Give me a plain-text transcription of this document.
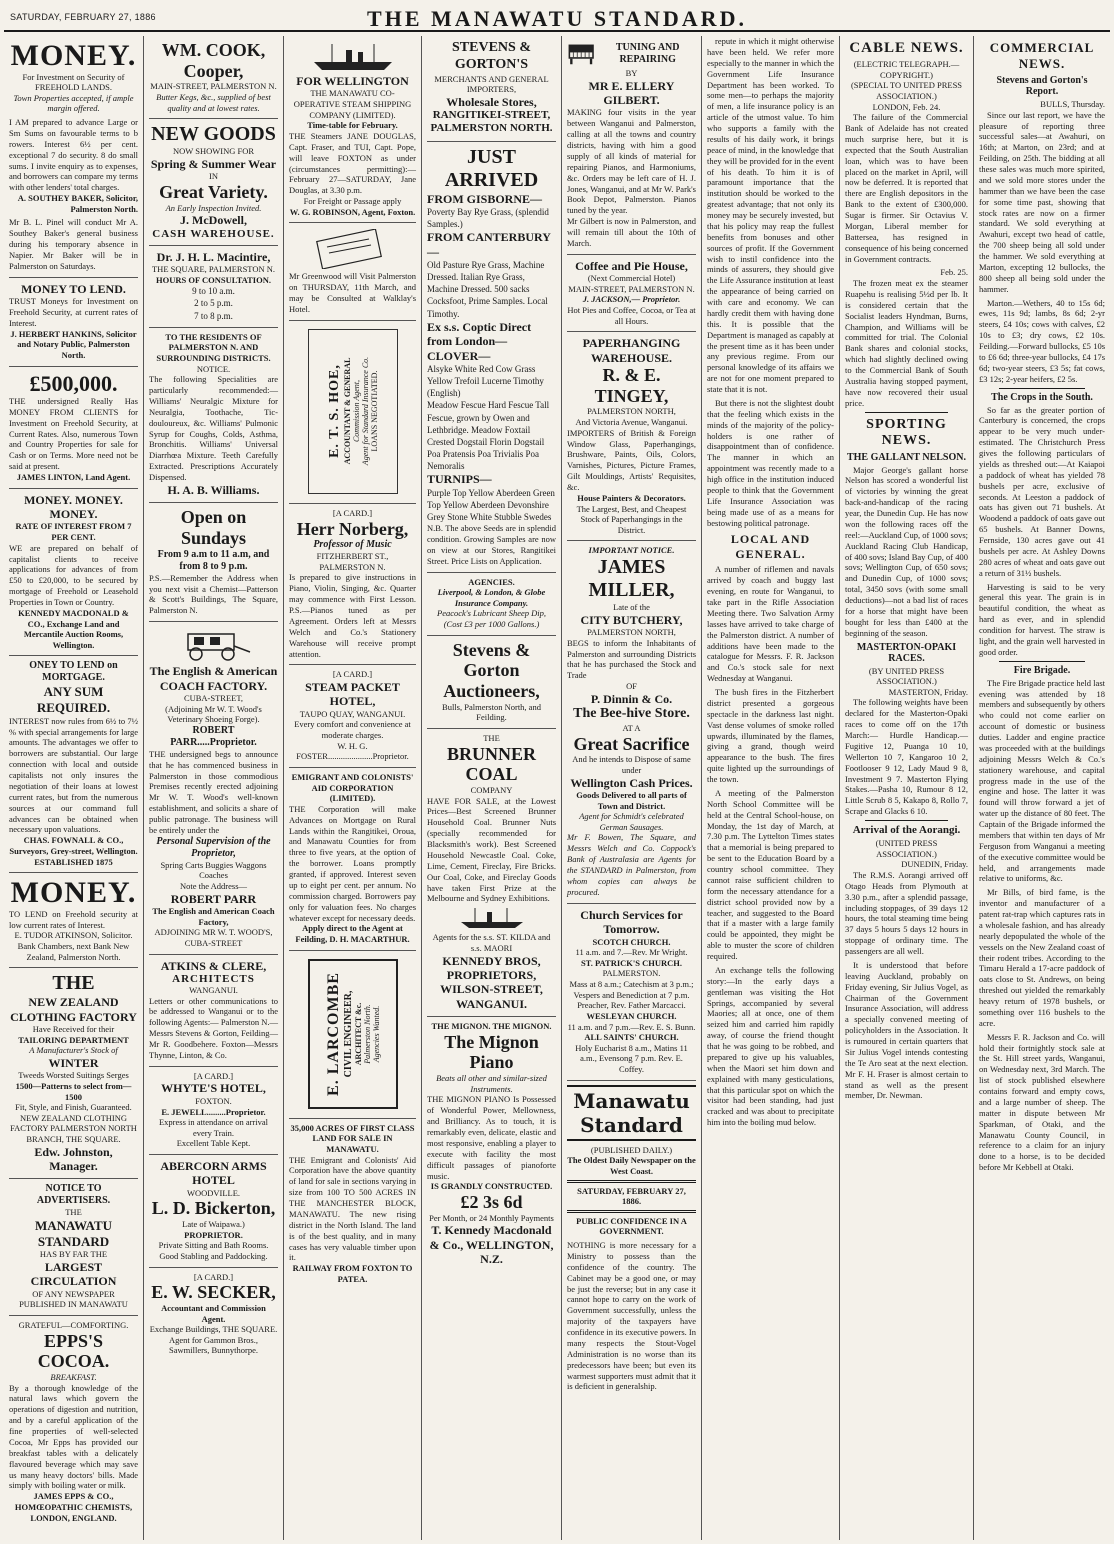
SATURDAY, FEBRUARY 27, 1886	THE MANAWATU STANDARD.
MONEY.
For Investment on Security of FREEHOLD LANDS.
Town Properties accepted, if ample margin offered.
I AM prepared to advance Large or Sm Sums on favourable terms to b rowers. Interest 6½ per cent. exceptional 7 do security. 8 do small sums. I invite enquiry as to expenses, and borrowers can compare my terms with other lenders' total charges.
A. SOUTHEY BAKER, Solicitor, Palmerston North.
Mr B. L. Pinel will conduct Mr A. Southey Baker's general business during his temporary absence in Napier. Mr Baker will be in Palmerston on Saturdays.
MONEY TO LEND.
TRUST Moneys for Investment on Freehold Security, at current rates of Interest.
J. HERBERT HANKINS, Solicitor and Notary Public, Palmerston North.
£500,000.
THE undersigned Really Has MONEY FROM CLIENTS for Investment on Freehold Security, at Current Rates. Also, numerous Town and Country Properties for sale for Cash or on Terms. More need not be said at present.
JAMES LINTON, Land Agent.
MONEY. MONEY. MONEY.
RATE OF INTEREST FROM 7 PER CENT.
WE are prepared on behalf of capitalist clients to receive applications for advances of from £50 to £20,000, to be secured by mortgage of Freehold or Leasehold Properties in Town or Country.
KENNEDY MACDONALD & CO., Exchange Land and Mercantile Auction Rooms, Wellington.
ONEY TO LEND on MORTGAGE.
ANY SUM REQUIRED.
INTEREST now rules from 6½ to 7½ % with special arrangements for large amounts. The advantages we offer to borrowers are substantial. Our large connection with local and outside capitalists not only insures the negotiation of their loans at lowest current rates, but from the numerous sources at our command full advances can be obtained when necessary upon valuations.
CHAS. FOWNALL & CO., Surveyors, Grey-street, Wellington. ESTABLISHED 1875
MONEY.
TO LEND on Freehold security at low current rates of Interest.
E. TUDOR ATKINSON, Solicitor. Bank Chambers, next Bank New Zealand, Palmerston North.
THE
NEW ZEALAND CLOTHING FACTORY
Have Received for their
TAILORING DEPARTMENT
A Manufacturer's Stock of
WINTER
Tweeds Worsted Suitings Serges
1500—Patterns to select from—1500
Fit, Style, and Finish, Guaranteed.
NEW ZEALAND CLOTHING FACTORY PALMERSTON NORTH BRANCH, THE SQUARE.
Edw. Johnston, Manager.
NOTICE TO ADVERTISERS.
THE
MANAWATU STANDARD
HAS BY FAR THE
LARGEST CIRCULATION
OF ANY NEWSPAPER PUBLISHED IN MANAWATU
GRATEFUL—COMFORTING.
EPPS'S COCOA.
BREAKFAST.
By a thorough knowledge of the natural laws which govern the operations of digestion and nutrition, and by a careful application of the fine properties of well-selected Cocoa, Mr Epps has provided our breakfast tables with a delicately flavoured beverage which may save us many heavy doctors' bills. Made simply with boiling water or milk.
JAMES EPPS & CO., HOMŒOPATHIC CHEMISTS, LONDON, ENGLAND.
WM. COOK, Cooper,
MAIN-STREET, PALMERSTON N.
Butter Kegs, &c., supplied of best quality and at lowest rates.
NEW GOODS
NOW SHOWING FOR
Spring & Summer Wear
IN
Great Variety.
An Early Inspection Invited.
J. McDowell,
CASH WAREHOUSE.
Dr. J. H. L. Macintire,
THE SQUARE, PALMERSTON N.
HOURS OF CONSULTATION.
9 to 10 a.m.
2 to 5 p.m.
7 to 8 p.m.
TO THE RESIDENTS OF PALMERSTON N. AND SURROUNDING DISTRICTS.
NOTICE.
The following Specialities are particularly recommended:— Williams' Neuralgic Mixture for Neuralgia, Toothache, Tic-douloureux, &c. Williams' Pulmonic Syrup for Coughs, Colds, Asthma, Bronchitis. Williams' Universal Diarrhœa Mixture. Teeth Carefully Extracted. Prescriptions Accurately Dispensed.
H. A. B. Williams.
Open on Sundays
From 9 a.m to 11 a.m, and from 8 to 9 p.m.
P.S.—Remember the Address when you next visit a Chemist—Patterson & Scott's Buildings, The Square, Palmerston N.
The English & American COACH FACTORY.
CUBA-STREET,
(Adjoining Mr W. T. Wood's Veterinary Shoeing Forge).
ROBERT PARR.....Proprietor.
THE undersigned begs to announce that he has commenced business in Palmerston in those commodious Premises recently erected adjoining Mr W. T. Wood's well-known establishment, and solicits a share of public patronage. The business will be entirely under the
Personal Supervision of the Proprietor,
Spring Carts Buggies Waggons Coaches
Note the Address—
ROBERT PARR
The English and American Coach Factory,
ADJOINING MR W. T. WOOD'S, CUBA-STREET
ATKINS & CLERE,
ARCHITECTS
WANGANUI.
Letters or other communications to be addressed to Wanganui or to the following Agents:— Palmerston N.—Messrs Stevens & Gorton, Feilding—Mr R. Goodbehere. Foxton—Messrs Thynne, Linton, & Co.
[A CARD.]
WHYTE'S HOTEL,
FOXTON.
E. JEWELL.........Proprietor.
Express in attendance on arrival every Train.
Excellent Table Kept.
ABERCORN ARMS HOTEL
WOODVILLE.
L. D. Bickerton,
Late of Waipawa.)
PROPRIETOR.
Private Sitting and Bath Rooms. Good Stabling and Paddocking.
[A CARD.]
E. W. SECKER,
Accountant and Commission Agent.
Exchange Buildings, THE SQUARE.
Agent for Gammon Bros., Sawmillers, Bunnythorpe.
FOR WELLINGTON
THE MANAWATU CO-OPERATIVE STEAM SHIPPING COMPANY (LIMITED).
Time-table for February.
THE Steamers JANE DOUGLAS, Capt. Fraser, and TUI, Capt. Pope, will leave FOXTON as under (circumstances permitting):— February 27—SATURDAY, Jane Douglas, at 3.30 p.m.
For Freight or Passage apply
W. G. ROBINSON, Agent, Foxton.
Mr Greenwood will Visit Palmerston on THURSDAY, 11th March, and may be Consulted at Walklay's Hotel.
E. T. S. HOE, ACCOUNTANT & GENERAL Commission Agent, Agent for Standard Insurance Co. LOANS NEGOTIATED.
[A CARD.]
Herr Norberg,
Professor of Music
FITZHERBERT ST., PALMERSTON N.
Is prepared to give instructions in Piano, Violin, Singing, &c. Quarter may commence with First Lesson. P.S.—Pianos tuned as per Agreement. Orders left at Messrs Welch and Co.'s Stationery Warehouse will receive prompt attention.
[A CARD.]
STEAM PACKET HOTEL,
TAUPO QUAY, WANGANUI.
Every comfort and convenience at moderate charges.
W. H. G. FOSTER.....................Proprietor.
EMIGRANT AND COLONISTS' AID CORPORATION (LIMITED).
THE Corporation will make Advances on Mortgage on Rural Lands within the Rangitikei, Oroua, and Manawatu Counties for from three to five years, at the option of the borrower. Loans promptly granted, if approved. Interest seven up to eight per cent. per annum. No commission charged. Borrowers pay only for valuation fees. No charges whatever except for necessary deeds.
Apply direct to the Agent at Feilding, D. H. MACARTHUR.
E. LARCOMBE CIVIL ENGINEER, ARCHITECT &c. Palmerston North. Agencies Wanted.
35,000 ACRES OF FIRST CLASS LAND FOR SALE IN MANAWATU.
THE Emigrant and Colonists' Aid Corporation have the above quantity of land for sale in sections varying in size from 100 TO 500 ACRES IN THE MANCHESTER BLOCK, MANAWATU. The new rising district in the North Island. The land is of the best quality, and in many cases has very valuable timber upon it.
RAILWAY FROM FOXTON TO PATEA.
STEVENS & GORTON'S
MERCHANTS AND GENERAL IMPORTERS,
Wholesale Stores,
RANGITIKEI-STREET, PALMERSTON NORTH.
JUST ARRIVED
FROM GISBORNE—
Poverty Bay Rye Grass, (splendid Samples.)
FROM CANTERBURY—
Old Pasture Rye Grass, Machine Dressed. Italian Rye Grass, Machine Dressed. 500 sacks Cocksfoot, Prime Samples. Local Timothy.
Ex s.s. Coptic Direct from London—
CLOVER—
Alsyke White Red Cow Grass Yellow Trefoil Lucerne Timothy (English)
Meadow Fescue Hard Fescue Tall Fescue, grown by Owen and Lethbridge. Meadow Foxtail Crested Dogstail Florin Dogstail Poa Pratensis Poa Trivialis Poa Nemoralis
TURNIPS—
Purple Top Yellow Aberdeen Green Top Yellow Aberdeen Devonshire Grey Stone White Stubble Swedes
N.B. The above Seeds are in splendid condition. Growing Samples are now on view at our Stores, Rangitikei Street. Price Lists on Application.
AGENCIES.
Liverpool, & London, & Globe Insurance Company.
Peacock's Lubricant Sheep Dip, (Cost £3 per 1000 Gallons.)
Stevens & Gorton Auctioneers,
Bulls, Palmerston North, and Feilding.
THE
BRUNNER COAL
COMPANY
HAVE FOR SALE, at the Lowest Prices—Best Screened Brunner Household Coal. Brunner Nuts (specially recommended for Blacksmith's work). Best Screened Household Newcastle Coal. Coke, Lime, Cement, Fireclay, Fire Bricks. Our Coal, Coke, and Fireclay Goods have taken First Prize at the Melbourne and Sydney Exhibitions.
Agents for the s.s. ST. KILDA and s.s. MAORI
KENNEDY BROS, PROPRIETORS, WILSON-STREET, WANGANUI.
THE MIGNON. THE MIGNON.
The Mignon Piano
Beats all other and similar-sized Instruments.
THE MIGNON PIANO Is Possessed of Wonderful Power, Mellowness, and Brilliancy. As to touch, it is remarkably even, delicate, elastic and most responsive, enabling a player to execute with facility the most difficult passages of pianoforte music.
IS GRANDLY CONSTRUCTED.
£2 3s 6d
Per Month, or 24 Monthly Payments
T. Kennedy Macdonald & Co., WELLINGTON, N.Z.
TUNING AND REPAIRING
BY
MR E. ELLERY GILBERT.
MAKING four visits in the year between Wanganui and Palmerston, calling at all the towns and country districts, having with him a good supply of all kinds of material for repairing Pianos, and Harmoniums, &c. Orders may be left care of H. J. Jones, Wanganui, and at Mr W. Park's Book Depot, Palmerston. Pianos tuned by the year.
Mr Gilbert is now in Palmerston, and will remain till about the 10th of March.
Coffee and Pie House,
(Next Commercial Hotel)
MAIN-STREET, PALMERSTON N.
J. JACKSON,— Proprietor.
Hot Pies and Coffee, Cocoa, or Tea at all Hours.
PAPERHANGING WAREHOUSE.
R. & E. TINGEY,
PALMERSTON NORTH,
And Victoria Avenue, Wanganui.
IMPORTERS of British & Foreign Window Glass, Paperhangings, Brushware, Paints, Oils, Colors, Varnishes, Pictures, Picture Frames, Gilt Mouldings, Artists' Requisites, &c.
House Painters & Decorators.
The Largest, Best, and Cheapest Stock of Paperhangings in the District.
IMPORTANT NOTICE.
JAMES MILLER,
Late of the
CITY BUTCHERY,
PALMERSTON NORTH,
BEGS to inform the Inhabitants of Palmerston and surrounding Districts that he has purchased the Stock and Trade
OF
P. Dinnin & Co.
The Bee-hive Store.
AT A
Great Sacrifice
And he intends to Dispose of same under
Wellington Cash Prices.
Goods Delivered to all parts of Town and District.
Agent for Schmidt's celebrated German Sausages.
Mr F. Bowen, The Square, and Messrs Welch and Co. Coppock's Bank of Australasia are Agents for the STANDARD in Palmerston, from whom copies can always be procured.
Church Services for Tomorrow.
SCOTCH CHURCH.
11 a.m. and 7.—Rev. Mr Wright.
ST. PATRICK'S CHURCH.
PALMERSTON.
Mass at 8 a.m.; Catechism at 3 p.m.; Vespers and Benediction at 7 p.m. Preacher, Rev. Father Marcacci.
WESLEYAN CHURCH.
11 a.m. and 7 p.m.—Rev. E. S. Bunn.
ALL SAINTS' CHURCH.
Holy Eucharist 8 a.m., Matins 11 a.m., Evensong 7 p.m. Rev. E. Coffey.
Manawatu Standard
(PUBLISHED DAILY.)
The Oldest Daily Newspaper on the West Coast.
SATURDAY, FEBRUARY 27, 1886.
PUBLIC CONFIDENCE IN A GOVERNMENT.
NOTHING is more necessary for a Ministry to possess than the confidence of the country. The Cabinet may be a good one, or may be just the reverse; but in any case it cannot hope to carry on the work of Government successfully, unless the majority of the taxpayers have confidence in its executive powers. In many respects the Stout-Vogel Administration is no worse than its predecessors have been; but even its warmest supporters must admit that it is deficient in generalship.

repute in which it might otherwise have been held. We refer more especially to the manner in which the Government Life Insurance Department has been worked. To some men—to perhaps the majority of men, a life insurance policy is an article of the utmost value. To him who supports a family with the results of his daily work, it brings peace of mind, in the knowledge that they will be provided for in the event of his death. To him it is of paramount importance that the institution should be worked to the greatest advantage; that not only its money may be securely invested, but that his policy may reap the fullest benefits from bonuses and other sources of profit. If the Government wish to instil confidence into the minds of assurers, they should give the Life Assurance institution at least the appearance of being carried on with care and economy. We can hardly credit them with having done this. It is possible that the Department is managed as capably at the present time as it has been under any previous regime. From our personal knowledge of its affairs we are not for one moment prepared to state that it is not.

But there is not the slightest doubt that the feeling which exists in the minds of the majority of the policy-holders is one rather of disappointment than of confidence. The manner in which an appointment was recently made to a high office in the institution induced people to think that the Government Life Insurance Association was being made use of as a means for bestowing political patronage.

LOCAL AND GENERAL.

A number of riflemen and navals arrived by coach and buggy last evening, en route for Wanganui, to take part in the Rifle Association Meeting there. Two Salvation Army lasses have arrived to take charge of the Palmerston district. A number of additions have been made to the catalogue for Messrs. F. R. Jackson and Co.'s stock sale for next Wednesday at Wanganui.

The bush fires in the Fitzherbert district presented a gorgeous spectacle in the darkness last night. Vast dense volumes of smoke rolled upwards, illuminated by the flames, giving a grand, though weird appearance to the bush. The fires quite lighted up the surroundings of the town.

A meeting of the Palmerston North School Committee will be held at the Central School-house, on Monday, the 1st day of March, at 7.30 p.m. The Lyttelton Times states that a memorial is being prepared to be sent to the Education Board by a country school committee. They cannot raise sufficient children to form the necessary attendance for a district school provided now by a teacher, and suggested to the Board that if a master with a large family could be appointed, they might be able to muster the score of children required.

An exchange tells the following story:—In the early days a gentleman was visiting the Hot Springs, accompanied by several Maories; all at once, one of them seized him and carried him rapidly away, of course the friend thought that he was going to be robbed, and prepared to give up his valuables, when the Maori set him down and explained with many gesticulations, that this particular spot on which the visitor had been standing, had just cracked and was about to precipitate him into the boiling mud below.

CABLE NEWS.
(ELECTRIC TELEGRAPH.—COPYRIGHT.)
(SPECIAL TO UNITED PRESS ASSOCIATION.)
LONDON, Feb. 24.

The failure of the Commercial Bank of Adelaide has not created much surprise here, but it is expected that the South Australian loan, which was to have been placed on the market in April, will now be deferred. It is reported that there are English depositors in the Bank to the extent of £300,000. Sugar is firmer. Sir Octavius V. Morgan, Liberal member for Battersea, has resigned in consequence of his being concerned in Government contracts.

Feb. 25.

The frozen meat ex the steamer Ruapehu is realising 5½d per lb. It is considered certain that the Socialist leaders Hyndman, Burns, Champion, and Williams will be committed for trial. The Colonial Bank shares and colonial stocks, which had slightly declined owing to the Commercial Bank of South Australia having stopped payment, have now recovered their usual price.

SPORTING NEWS.
THE GALLANT NELSON.

Major George's gallant horse Nelson has scored a wonderful list of victories by winning the great back-and-handicap of the racing year, the Dunedin Cup. He has now won the following races off the reel:—Auckland Cup, of 1000 sovs; Auckland Racing Club Handicap, of 400 sovs; Island Bay Cup, of 400 sovs; Wellington Cup, of 650 sovs; and Dunedin Cup, of 1000 sovs; total, 3450 sovs (with some small deductions)—not a bad list of races for a horse that might have been bought for less than £400 at the beginning of the season.

MASTERTON-OPAKI RACES.
(BY UNITED PRESS ASSOCIATION.)
MASTERTON, Friday.

The following weights have been declared for the Masterton-Opaki races to come off on the 17th March:— Hurdle Handicap.—Fugitive 12, Puanga 10 10, Wellerton 10 7, Kangaroo 10 2, Footlooser 9 12, Lady Maud 9 8, Investment 9 7. Masterton Flying Stakes.—Pasha 10, Rumour 8 12, Little Scrub 8 5, Kakapo 8, Rollo 7, Scrape and Glacks 6 10.

Arrival of the Aorangi.
(UNITED PRESS ASSOCIATION.)
DUNEDIN, Friday.

The R.M.S. Aorangi arrived off Otago Heads from Plymouth at 3.30 p.m., after a splendid passage, including stoppages, of 39 days 12 hours, the total steaming time being 37 days 5 hours 5 days 12 hours in stoppage of ordinary time. The passengers are all well.

It is understood that before leaving Auckland, probably on Friday evening, Sir Julius Vogel, as Chairman of the Government Insurance Association, will address a specially convened meeting of policyholders in the Association. It is rumoured in certain quarters that Sir Julius Vogel intends contesting the Te Aro seat at the next election. Mr F. H. Fraser is almost certain to stand as well as the present member, Dr. Newman.

COMMERCIAL NEWS.
Stevens and Gorton's Report.
BULLS, Thursday.

Since our last report, we have the pleasure of reporting three successful sales—at Awahuri, on 16th; at Marton, on 23rd; and at Feilding, on 25th. The bidding at all these sales was much more spirited, and we sold more stores under the hammer than we have been the case for some time past, showing that stock rates are now on a firmer standard. We sold everything at Awahuri, except two head of cattle, the 700 sheep being all sold under the hammer. We sold everything at Marton, excepting 12 bullocks, the 800 sheep all being sold under the hammer.

Marton.—Wethers, 40 to 15s 6d; ewes, 11s 9d; lambs, 8s 6d; 2-yr steers, £4 10s; cows with calves, £2 10s to £3; dry cows, £2 10s. Feilding.—Forward bullocks, £5 10s to £6 6d; three-year bullocks, £4 17s 6d; two-year steers, £3 5s; fat cows, £3 12s; 2-year heifers, £2 5s.

The Crops in the South.

So far as the greater portion of Canterbury is concerned, the crops appear to be very much under-estimated. The Christchurch Press gives the following particulars of yields as threshed out:—At Kaiapoi a paddock of wheat has yielded 78 bushels per acre, exclusive of seconds. At Leeston a paddock of oats has given out 71 bushels. At Woodend a paddock of oats gave out 65 bushels. At Banner Downs, Fernside, 130 acres gave out 41 bushels per acre. At Ashley Downs 280 acres of wheat and oats gave out a return of 31½ bushels.

Harvesting is said to be very general this year. The grain is in beautiful condition, the wheat as hard as ever, and in splendid condition for harvest. The straw is light, and the grain well harvested in good order.

Fire Brigade.

The Fire Brigade practice held last evening was attended by 18 members and subsequently by others who could not come earlier on account of domestic or business duties. Ladder and engine practice was proceeded with at the buildings adjoining Messrs Welch & Co.'s stationery warehouse, and capital progress made in the use of the engine and hose. The latter it was found will throw forward a jet of water up the distance of 80 feet. The Captain of the Brigade informed the members that within ten days of Mr Ferguson from Wanganui a meeting of the executive committee would be held, and arrangements made relative to uniforms, &c.

Mr Bills, of bird fame, is the inventor and manufacturer of a patent rat-trap which captures rats in a wholesale fashion, and has already nearly depopulated the whole of the vessels on the New Zealand coast of their rodent tribes. According to the Timaru Herald a 17-acre paddock of oats close to St. Andrews, on being threshed out yielded the remarkably heavy return of 1978 bushels, or something over 116 bushels to the acre.

Messrs F. R. Jackson and Co. will hold their fortnightly stock sale at the St. Hill street yards, Wanganui, on Wednesday next, 3rd March. The list of stock published elsewhere contains forward and empty cows, and a large number of sheep. The matter in dispute between Mr Sparkman, of Otaki, and the Manawatu County Council, in reference to a claim for an injury done to a horse, is to be decided before Mr Kebbell at Otaki.
